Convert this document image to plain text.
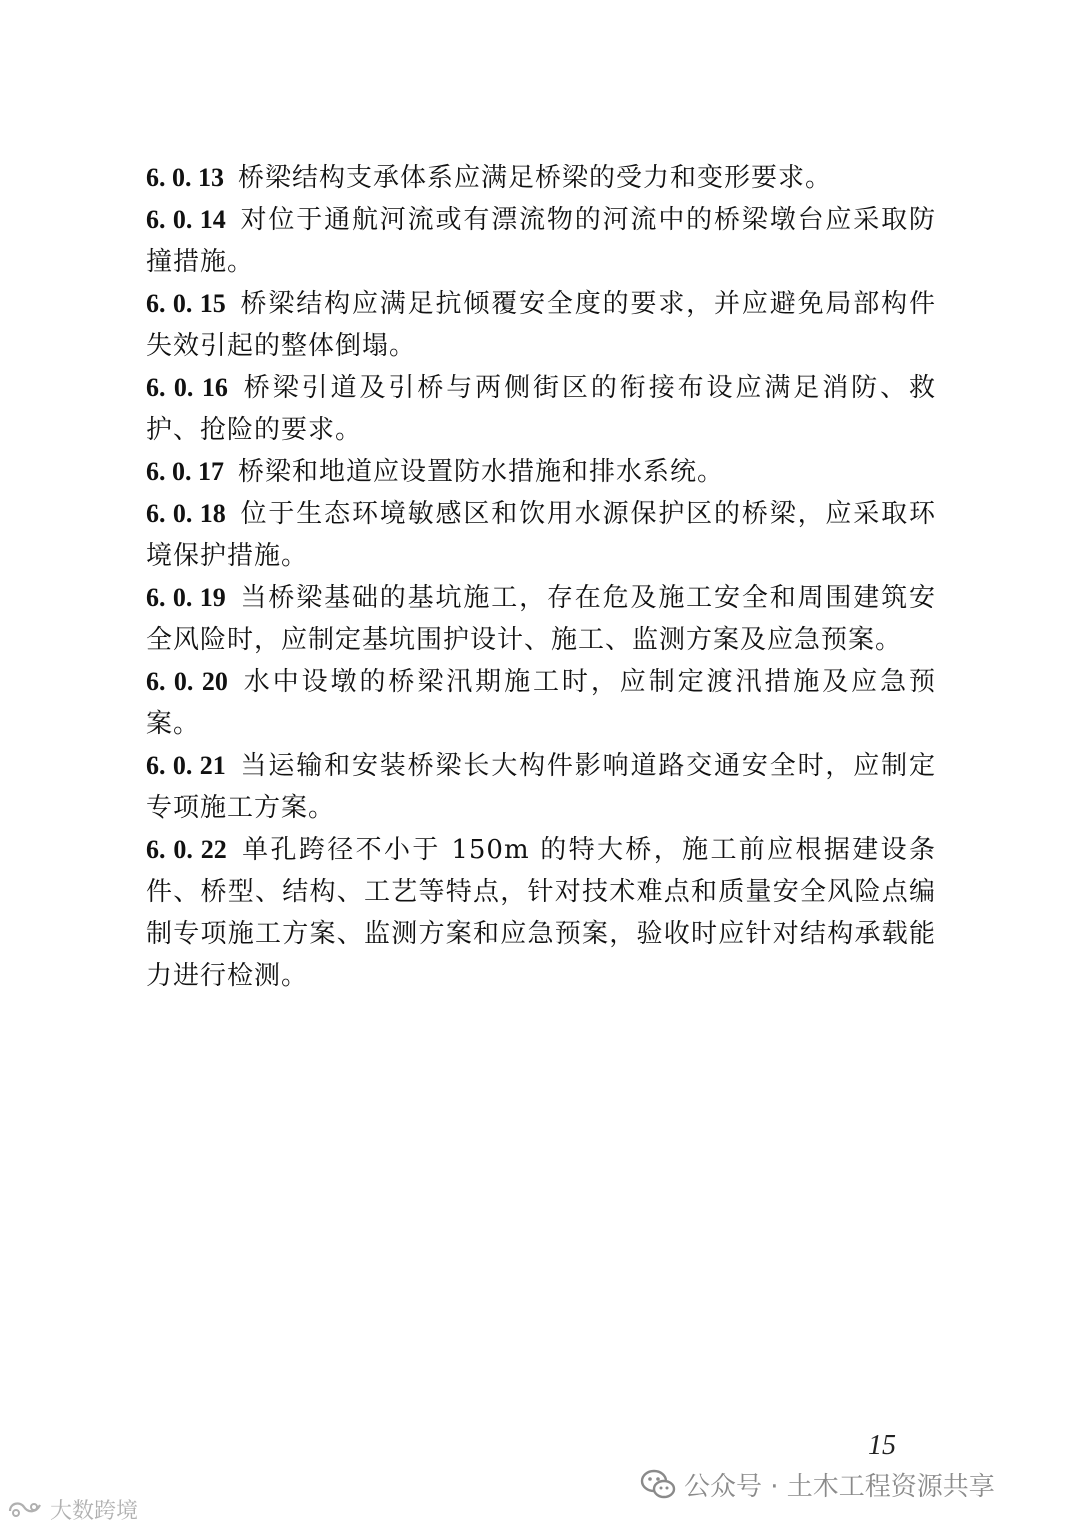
6. 0. 13 桥梁结构支承体系应满足桥梁的受力和变形要求。

6. 0. 14 对位于通航河流或有漂流物的河流中的桥梁墩台应采取防撞措施。

6. 0. 15 桥梁结构应满足抗倾覆安全度的要求，并应避免局部构件失效引起的整体倒塌。

6. 0. 16 桥梁引道及引桥与两侧街区的衔接布设应满足消防、救护、抢险的要求。

6. 0. 17 桥梁和地道应设置防水措施和排水系统。

6. 0. 18 位于生态环境敏感区和饮用水源保护区的桥梁，应采取环境保护措施。

6. 0. 19 当桥梁基础的基坑施工，存在危及施工安全和周围建筑安全风险时，应制定基坑围护设计、施工、监测方案及应急预案。

6. 0. 20 水中设墩的桥梁汛期施工时，应制定渡汛措施及应急预案。

6. 0. 21 当运输和安装桥梁长大构件影响道路交通安全时，应制定专项施工方案。

6. 0. 22 单孔跨径不小于 150m 的特大桥，施工前应根据建设条件、桥型、结构、工艺等特点，针对技术难点和质量安全风险点编制专项施工方案、监测方案和应急预案，验收时应针对结构承载能力进行检测。

15
公众号 · 土木工程资源共享
大数跨境
